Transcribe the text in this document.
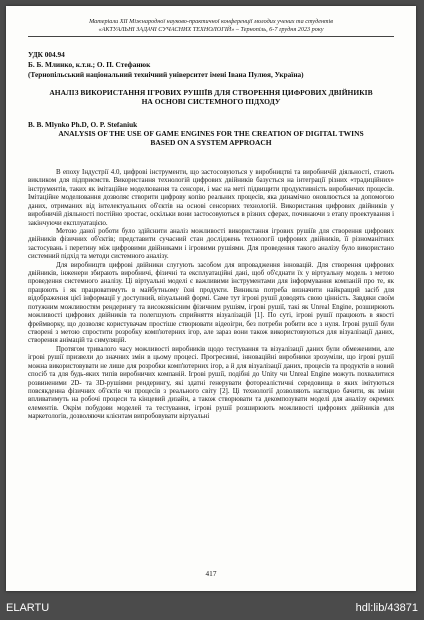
Матеріали XII Міжнародної науково-практичної конференції молодих учених та студентів
«АКТУАЛЬНІ ЗАДАЧІ СУЧАСНИХ ТЕХНОЛОГІЙ» – Тернопіль, 6-7 грудня 2023 року
УДК 004.94
Б. Б. Млинко, к.т.н.; О. П. Стефанюк
(Тернопільський національний технічний університет імені Івана Пулюя, Україна)
АНАЛІЗ ВИКОРИСТАННЯ ІГРОВИХ РУШІЇВ ДЛЯ СТВОРЕННЯ ЦИФРОВИХ ДВІЙНИКІВ НА ОСНОВІ СИСТЕМНОГО ПІДХОДУ
B. B. Mlynko Ph.D, O. P. Stefaniuk
ANALYSIS OF THE USE OF GAME ENGINES FOR THE CREATION OF DIGITAL TWINS BASED ON A SYSTEM APPROACH

В епоху Індустрії 4.0, цифрові інструменти, що застосовуються у виробництві та виробничій діяльності, стають викликом для підприємств. Використання технологій цифрових двійників базується на інтеграції різних «традиційних» інструментів, таких як імітаційне моделювання та сенсори, і має на меті підвищити продуктивність виробничих процесів. Імітаційне моделювання дозволяє створити цифрову копію реальних процесів, яка динамічно оновлюється за допомогою даних, отриманих від інтелектуальних об'єктів на основі сенсорних технологій. Використання цифрових двійників у виробничій діяльності постійно зростає, оскільки вони застосовуються в різних сферах, починаючи з етапу проектування і закінчуючи експлуатацією.

Метою даної роботи було здійснити аналіз можливості використання ігрових рушіїв для створення цифрових двійників фізичних об'єктів; представити сучасний стан досліджень технології цифрових двійників, її різноманітних застосувань і перетину між цифровими двійниками і ігровими рушіями. Для проведення такого аналізу було використано системний підхід та методи системного аналізу.

Для виробництв цифрові двійники слугують засобом для впровадження інновацій. Для створення цифрових двійників, інженери збирають виробничі, фізичні та експлуатаційні дані, щоб об'єднати їх у віртуальну модель з метою проведення системного аналізу. Ці віртуальні моделі є важливими інструментами для інформування компаній про те, як працюють і як працюватимуть в майбутньому їхні продукти. Виникла потреба визначити найкращий засіб для відображення цієї інформації у доступний, візуальний формі. Саме тут ігрові рушії доводять свою цінність. Завдяки своїм потужним можливостям рендерингу та високоякісним фізичним рушіям, ігрові рушії, такі як Unreal Engine, розширюють можливості цифрових двійників та полегшують сприйняття візуалізацій [1]. По суті, ігрові рушії працюють в якості фреймворку, що дозволяє користувачам простіше створювати відеоігри, без потреби робити все з нуля. Ігрові рушії були створені з метою спростити розробку комп'ютерних ігор, але зараз вони також використовуються для візуалізації даних, створення анімацій та симуляцій.

Протягом тривалого часу можливості виробників щодо тестування та візуалізації даних були обмеженими, але ігрові рушії призвели до значних змін в цьому процесі. Прогресивні, інноваційні виробники зрозуміли, що ігрові рушії можна використовувати не лише для розробки комп'ютерних ігор, а й для візуалізації даних, процесів та продуктів в новий спосіб та для будь-яких типів виробничих компаній. Ігрові рушії, подібні до Unity чи Unreal Engine можуть похвалитися розвиненими 2D- та 3D-рушіями рендерингу, які здатні генерувати фотореалістичні середовища в яких імітуються повсякденна фізичних об'єктів чи процесів з реального світу [2]. Ці технології дозволяють наглядно бачити, як зміни впливатимуть на робочі процеси та кінцевий дизайн, а також створювати та декомпозувати моделі для аналізу окремих елементів. Окрім побудови моделей та тестування, ігрові рушії розширюють можливості цифрових двійників для маркетологів, дозволяючи клієнтам випробовувати віртуальні

417
ELARTU	hdl:lib/43871
